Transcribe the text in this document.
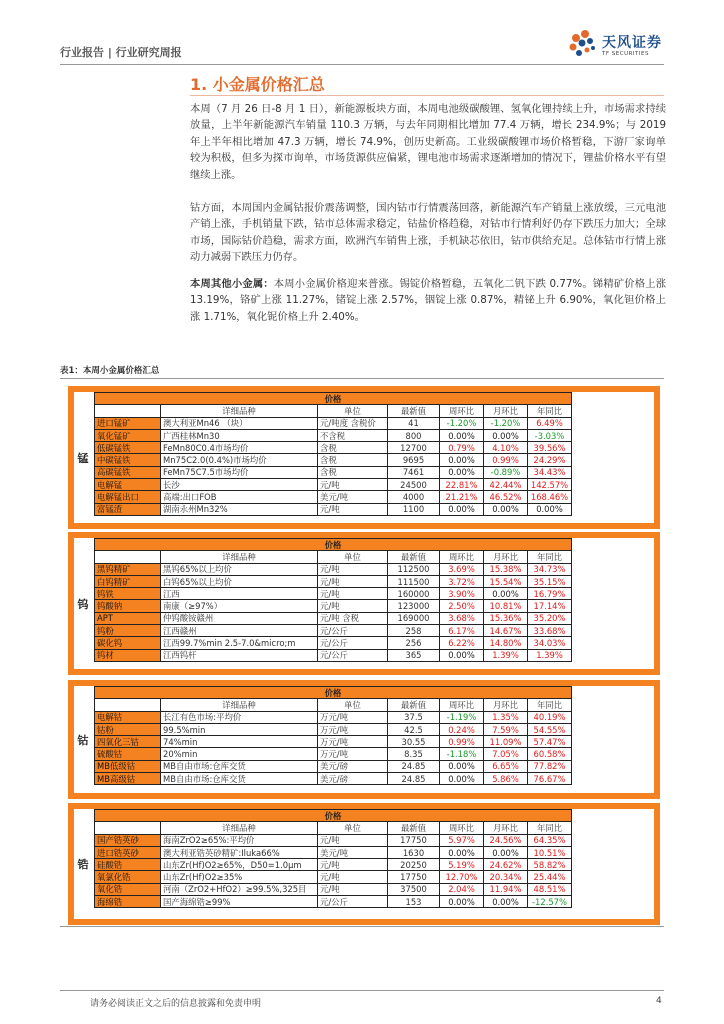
行业报告 | 行业研究周报
天风证券
TF SECURITIES
1. 小金属价格汇总
本周（7 月 26 日-8 月 1 日），新能源板块方面，本周电池级碳酸锂、氢氧化锂持续上升，市场需求持续放量，上半年新能源汽车销量 110.3 万辆，与去年同期相比增加 77.4 万辆，增长 234.9%；与 2019 年上半年相比增加 47.3 万辆，增长 74.9%，创历史新高。工业级碳酸锂市场价格暂稳，下游厂家询单较为积极，但多为探市询单，市场货源供应偏紧，锂电池市场需求逐渐增加的情况下，锂盐价格水平有望继续上涨。
钴方面，本周国内金属钴报价震荡调整，国内钴市行情震荡回落，新能源汽车产销量上涨放缓，三元电池产销上涨，手机销量下跌，钴市总体需求稳定，钴盐价格趋稳，对钴市行情利好仍存下跌压力加大；全球市场，国际钴价趋稳，需求方面，欧洲汽车销售上涨，手机缺芯依旧，钴市供给充足。总体钴市行情上涨动力减弱下跌压力仍存。
本周其他小金属：本周小金属价格迎来普涨。锡锭价格暂稳，五氧化二钒下跌 0.77%。锑精矿价格上涨 13.19%，铬矿上涨 11.27%，锗锭上涨 2.57%，铟锭上涨 0.87%，精铋上升 6.90%，氧化钽价格上涨 1.71%，氧化铌价格上升 2.40%。
表1：本周小金属价格汇总
锰
价格						
	详细品种	单位	最新值	周环比	月环比	年同比
进口锰矿	澳大利亚Mn46 （块）	元/吨度 含税价	41	-1.20%	-1.20%	6.49%
氧化锰矿	广西桂林Mn30	不含税	800	0.00%	0.00%	-3.03%
低碳锰铁	FeMn80C0.4市场均价	含税	12700	0.79%	4.10%	39.56%
中碳锰铁	Mn75C2.0(0.4%)市场均价	含税	9695	0.00%	0.99%	24.29%
高碳锰铁	FeMn75C7.5市场均价	含税	7461	0.00%	-0.89%	34.43%
电解锰	长沙	元/吨	24500	22.81%	42.44%	142.57%
电解锰出口	高端:出口FOB	美元/吨	4000	21.21%	46.52%	168.46%
富锰渣	湖南永州Mn32%	元/吨	1100	0.00%	0.00%	0.00%
钨
价格						
	详细品种	单位	最新值	周环比	月环比	年同比
黑钨精矿	黑钨65%以上均价	元/吨	112500	3.69%	15.38%	34.73%
白钨精矿	白钨65%以上均价	元/吨	111500	3.72%	15.54%	35.15%
钨铁	江西	元/吨	160000	3.90%	0.00%	16.79%
钨酸钠	南康（≥97%）	元/吨	123000	2.50%	10.81%	17.14%
APT	仲钨酸铵赣州	元/吨 含税	169000	3.68%	15.36%	35.20%
钨粉	江西赣州	元/公斤	258	6.17%	14.67%	33.68%
碳化钨	江西99.7%min 2.5-7.0&micro;m	元/公斤	256	6.22%	14.80%	34.03%
钨材	江西钨杆	元/公斤	365	0.00%	1.39%	1.39%
钴
价格						
	详细品种	单位	最新值	周环比	月环比	年同比
电解钴	长江有色市场:平均价	万元/吨	37.5	-1.19%	1.35%	40.19%
钴粉	99.5%min	万元/吨	42.5	0.24%	7.59%	54.55%
四氧化三钴	74%min	万元/吨	30.55	0.99%	11.09%	57.47%
硫酸钴	20%min	万元/吨	8.35	-1.18%	7.05%	60.58%
MB低级钴	MB自由市场:仓库交货	美元/磅	24.85	0.00%	6.65%	77.82%
MB高级钴	MB自由市场:仓库交货	美元/磅	24.85	0.00%	5.86%	76.67%
锆
价格						
	详细品种	单位	最新值	周环比	月环比	年同比
国产锆英砂	海南ZrO2≥65%:平均价	元/吨	17750	5.97%	24.56%	64.35%
进口锆英砂	澳大利亚锆英砂精矿:Iluka66%	美元/吨	1630	0.00%	0.00%	10.51%
硅酸锆	山东Zr(Hf)O2≥65%，D50=1.0μm	元/吨	20250	5.19%	24.62%	58.82%
氧氯化锆	山东Zr(Hf)O2≥35%	元/吨	17750	12.70%	20.34%	25.44%
氧化锆	河南（ZrO2+HfO2）≥99.5%,325目	元/吨	37500	2.04%	11.94%	48.51%
海绵锆	国产海绵锆≥99%	元/公斤	153	0.00%	0.00%	-12.57%
请务必阅读正文之后的信息披露和免责申明	4
